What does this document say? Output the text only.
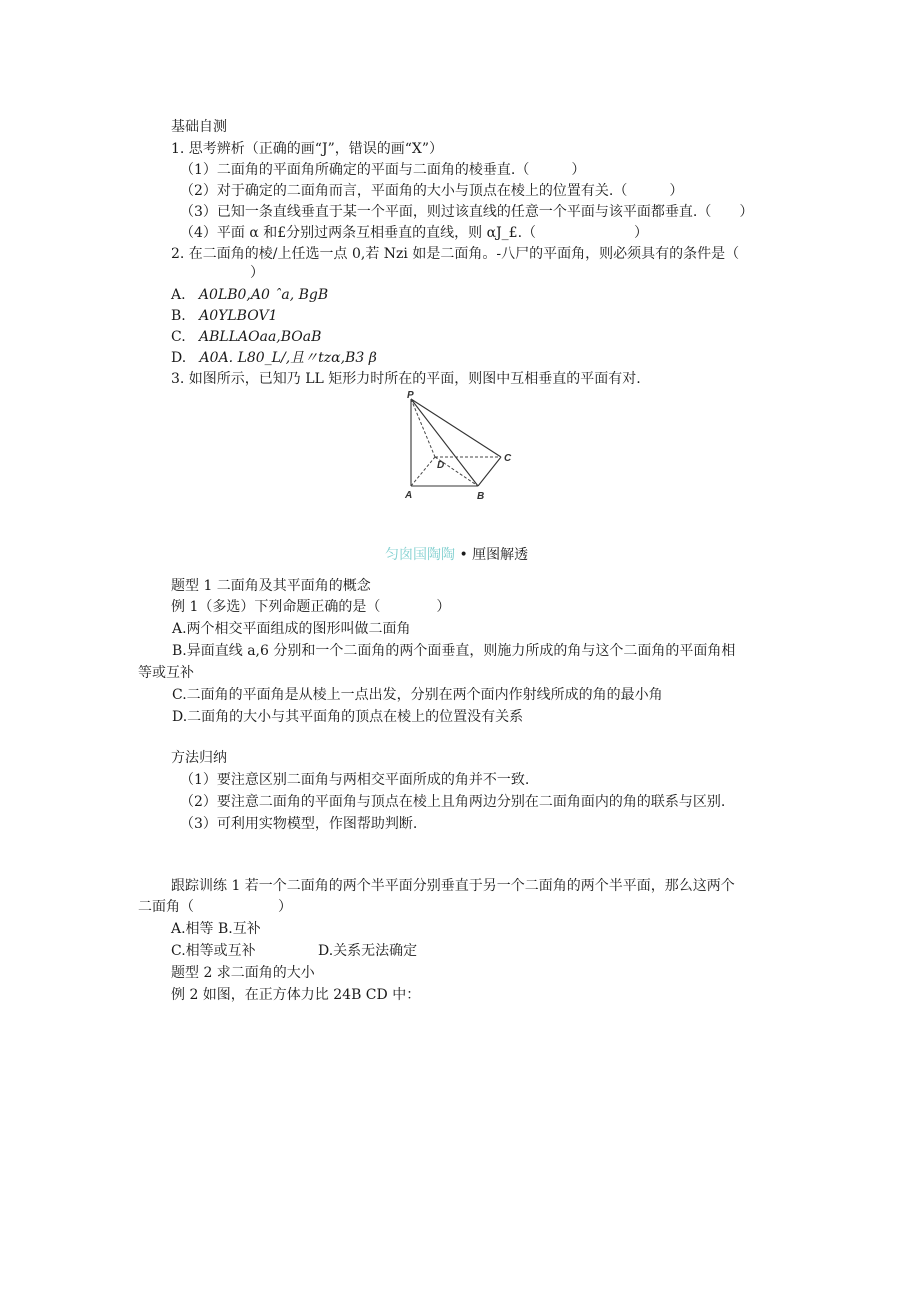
基础自测
1. 思考辨析（正确的画“J”，错误的画“X”）
（1）二面角的平面角所确定的平面与二面角的棱垂直.（　　　）
（2）对于确定的二面角而言，平面角的大小与顶点在棱上的位置有关.（　　　）
（3）已知一条直线垂直于某一个平面，则过该直线的任意一个平面与该平面都垂直.（　　）
（4）平面 α 和£分别过两条互相垂直的直线，则 αJ_£.（　　　　　　　）
2. 在二面角的棱/上任选一点 0,若 Nzi 如是二面角。-八尸的平面角，则必须具有的条件是（
　　　　　　　　）
A. A0LB0,A0 ˆa, BgB
B. A0YLBOV1
C. ABLLAOaa,BOaB
D. A0A. L80_L/,且〃tzα,B3 β
3. 如图所示，已知乃 LL 矩形力时所在的平面，则图中互相垂直的平面有对.
P
D
C
A	B
匀囱国陶陶 • 厘图解透
题型 1 二面角及其平面角的概念
例 1（多选）下列命题正确的是（　　　　）
A.两个相交平面组成的图形叫做二面角
B.异面直线 a,6 分别和一个二面角的两个面垂直，则施力所成的角与这个二面角的平面角相
等或互补
C.二面角的平面角是从棱上一点出发，分别在两个面内作射线所成的角的最小角
D.二面角的大小与其平面角的顶点在棱上的位置没有关系
方法归纳
（1）要注意区别二面角与两相交平面所成的角并不一致.
（2）要注意二面角的平面角与顶点在棱上且角两边分别在二面角面内的角的联系与区别.
（3）可利用实物模型，作图帮助判断.
跟踪训练 1 若一个二面角的两个半平面分别垂直于另一个二面角的两个半平面，那么这两个
二面角（　　　　　　）
A.相等 B.互补
C.相等或互补	D.关系无法确定
题型 2 求二面角的大小
例 2 如图，在正方体力比 24B CD 中：
